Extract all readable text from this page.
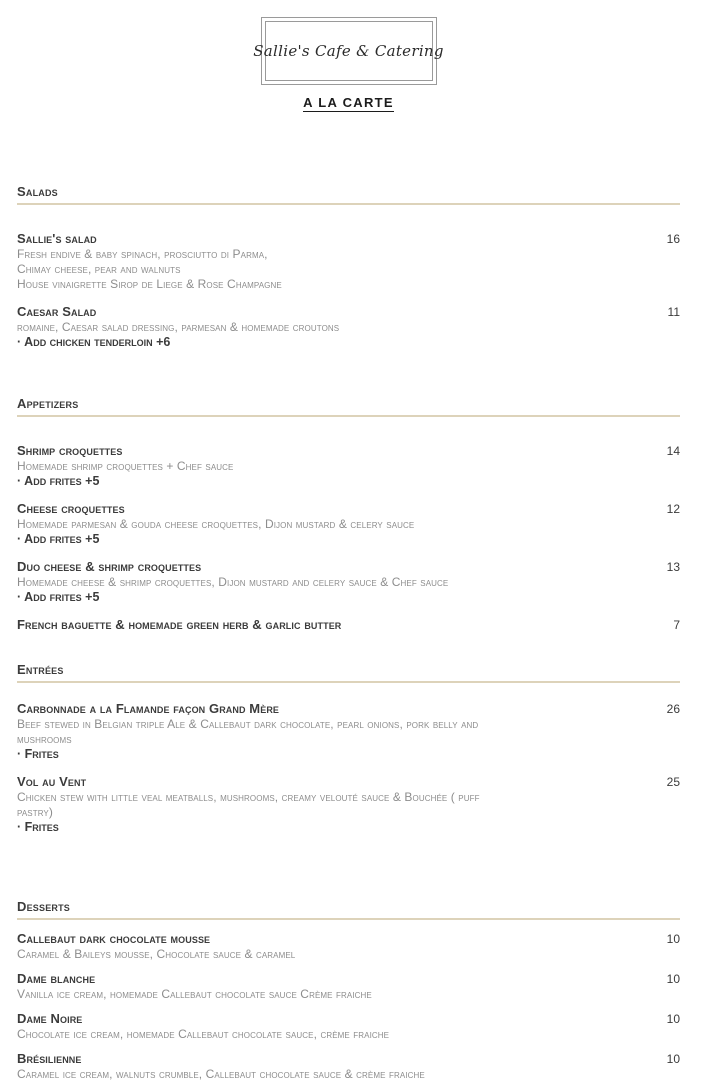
Sallie's Cafe & Catering
A LA CARTE
Salads
Sallie's salad	16
Fresh endive & baby spinach, prosciutto di Parma,
Chimay cheese, pear and walnuts
House vinaigrette Sirop de Liege & Rose Champagne
Caesar Salad	11
romaine, Caesar salad dressing, parmesan & homemade croutons
· Add chicken tenderloin +6
Appetizers
Shrimp croquettes	14
Homemade shrimp croquettes + Chef sauce
· Add frites +5
Cheese croquettes	12
Homemade parmesan & gouda cheese croquettes, Dijon mustard & celery sauce
· Add frites +5
Duo cheese & shrimp croquettes	13
Homemade cheese & shrimp croquettes, Dijon mustard and celery sauce & Chef sauce
· Add frites +5
French baguette & homemade green herb & garlic butter	7
Entrées
Carbonnade a la Flamande façon Grand Mère	26
Beef stewed in Belgian triple Ale & Callebaut dark chocolate, pearl onions, pork belly and
mushrooms
· Frites
Vol au Vent	25
Chicken stew with little veal meatballs, mushrooms, creamy velouté sauce & Bouchée ( puff
pastry)
· Frites
Desserts
Callebaut dark chocolate mousse	10
Caramel & Baileys mousse, Chocolate sauce & caramel
Dame blanche	10
Vanilla ice cream, homemade Callebaut chocolate sauce Crème fraiche
Dame Noire	10
Chocolate ice cream, homemade Callebaut chocolate sauce, crème fraiche
Brésilienne	10
Caramel ice cream, walnuts crumble, Callebaut chocolate sauce & crème fraiche
